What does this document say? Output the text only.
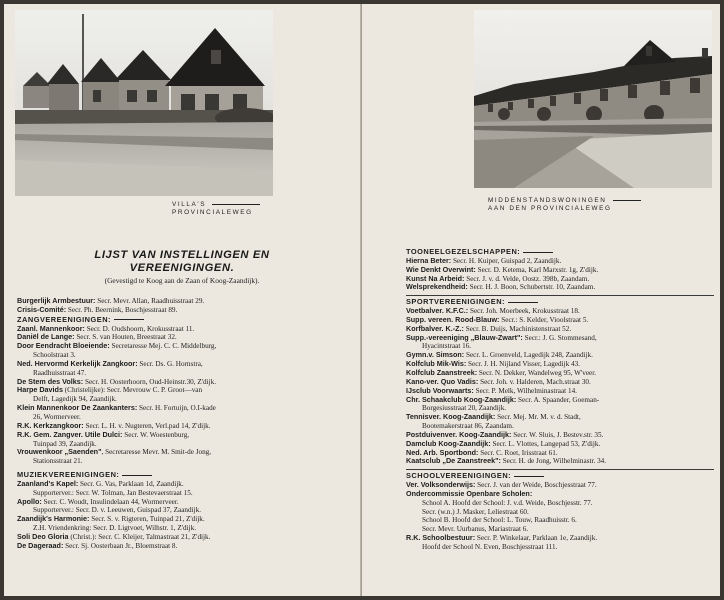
VILLA'S
PROVINCIALEWEG
LIJST VAN INSTELLINGEN EN
VEREENIGINGEN.
(Gevestigd te Koog aan de Zaan of Koog-Zaandijk).
Burgerlijk Armbestuur: Secr. Mevr. Allan, Raadhuisstraat 29.
Crisis-Comité: Secr. Ph. Beernink, Boschjesstraat 89.
ZANGVEREENIGINGEN:
Zaanl. Mannenkoor: Secr. D. Oudshoorn, Krokusstraat 11.
Daniël de Lange: Secr. S. van Houten, Breestraat 32.
Door Eendracht Bloeiende: Secretaresse Mej. C. C. Middelburg,
Schoolstraat 3.
Ned. Hervormd Kerkelijk Zangkoor: Secr. Ds. G. Hornstra,
Raadhuisstraat 47.
De Stem des Volks: Secr. H. Oosterhoorn, Oud-Heinstr.30, Z'dijk.
Harpe Davids (Christelijke): Secr. Mevrouw C. P. Groot—van
Delft, Lagedijk 94, Zaandijk.
Klein Mannenkoor De Zaankanters: Secr. H. Fortuijn, O.I-kade
26, Wormerveer.
R.K. Kerkzangkoor: Secr. L. H. v. Nugteren, Verl.pad 14, Z'dijk.
R.K. Gem. Zangver. Utile Dulci: Secr. W. Woestenburg,
Tuinpad 39, Zaandijk.
Vrouwenkoor „Saenden", Secretaresse Mevr. M. Smit-de Jong,
Stationsstraat 21.
MUZIEKVEREENIGINGEN:
Zaanland's Kapel: Secr. G. Vas, Parklaan 1d, Zaandijk.
Supporterver.: Secr. W. Tolman, Jan Bestevaerstraat 15.
Apollo: Secr. C. Woudt, Insulindelaan 44, Wormerveer.
Supporterver.: Secr. D. v. Leeuwen, Guispad 37, Zaandijk.
Zaandijk's Harmonie: Secr. S. v. Rigteren, Tuinpad 21, Z'dijk.
Z.H. Vriendenkring: Secr. D. Ligtvoet, Wilhstr. 1, Z'dijk.
Soli Deo Gloria (Christ.): Secr. C. Kleijer, Talmastraat 21, Z'dijk.
De Dageraad: Secr. Sj. Oosterbaan Jr., Bloemstraat 8.
MIDDENSTANDSWONINGEN
AAN DEN PROVINCIALEWEG
TOONEELGEZELSCHAPPEN:
Hierna Beter: Secr. H. Kuiper, Guispad 2, Zaandijk.
Wie Denkt Overwint: Secr. D. Ketema, Karl Marxstr. 1g, Z'dijk.
Kunst Na Arbeid: Secr. J. v. d. Velde, Oostz. 398b, Zaandam.
Welsprekendheid: Secr. H. J. Boon, Schubertstr. 10, Zaandam.
SPORTVEREENIGINGEN:
Voetbalver. K.F.C.: Secr. Joh. Moerbeek, Krokusstraat 18.
Supp. vereen. Rood-Blauw: Secr.: S. Kelder, Vioolstraat 5.
Korfbalver. K.-Z.: Secr. B. Duijs, Machinistenstraat 52.
Supp.-vereeniging „Blauw-Zwart": Secr.: J. G. Stommesand,
Hyacintstraat 16.
Gymn.v. Simson: Secr. L. Groenveld, Lagedijk 248, Zaandijk.
Kolfclub Mik-Wis: Secr. J. H. Nijland Visser, Lagedijk 43.
Kolfclub Zaanstreek: Secr. N. Dekker, Wandelweg 95, W'veer.
Kano-ver. Quo Vadis: Secr. Joh. v. Halderen, Mach.straat 30.
IJsclub Voorwaarts: Secr. P. Melk, Wilhelminastraat 14.
Chr. Schaakclub Koog-Zaandijk: Secr. A. Spaander, Goeman-
Borgesiusstraat 20, Zaandijk.
Tennisver. Koog-Zaandijk: Secr. Mej. Mr. M. v. d. Stadt,
Bootemakerstraat 86, Zaandam.
Postduivenver. Koog-Zaandijk: Secr. W. Sluis, J. Bestev.str. 35.
Damclub Koog-Zaandijk: Secr. L. Vlottes, Langepad 53, Z'dijk.
Ned. Arb. Sportbond: Secr. C. Roet, Irisstraat 61.
Kaatsclub „De Zaanstreek": Secr. H. de Jong, Wilhelminastr. 34.
SCHOOLVEREENIGINGEN:
Ver. Volksonderwijs: Secr. J. van der Weide, Boschjesstraat 77.
Ondercommissie Openbare Scholen:
School A. Hoofd der School: J. v.d. Weide, Boschjesstr. 77.
Secr. (w.n.) J. Masker, Leliestraat 60.
School B. Hoofd der School: L. Touw, Raadhuisstr. 6.
Secr. Mevr. Uurbanus, Mariastraat 6.
R.K. Schoolbestuur: Secr. P. Winkelaar, Parklaan 1e, Zaandijk.
Hoofd der School N. Even, Boschjesstraat 111.
